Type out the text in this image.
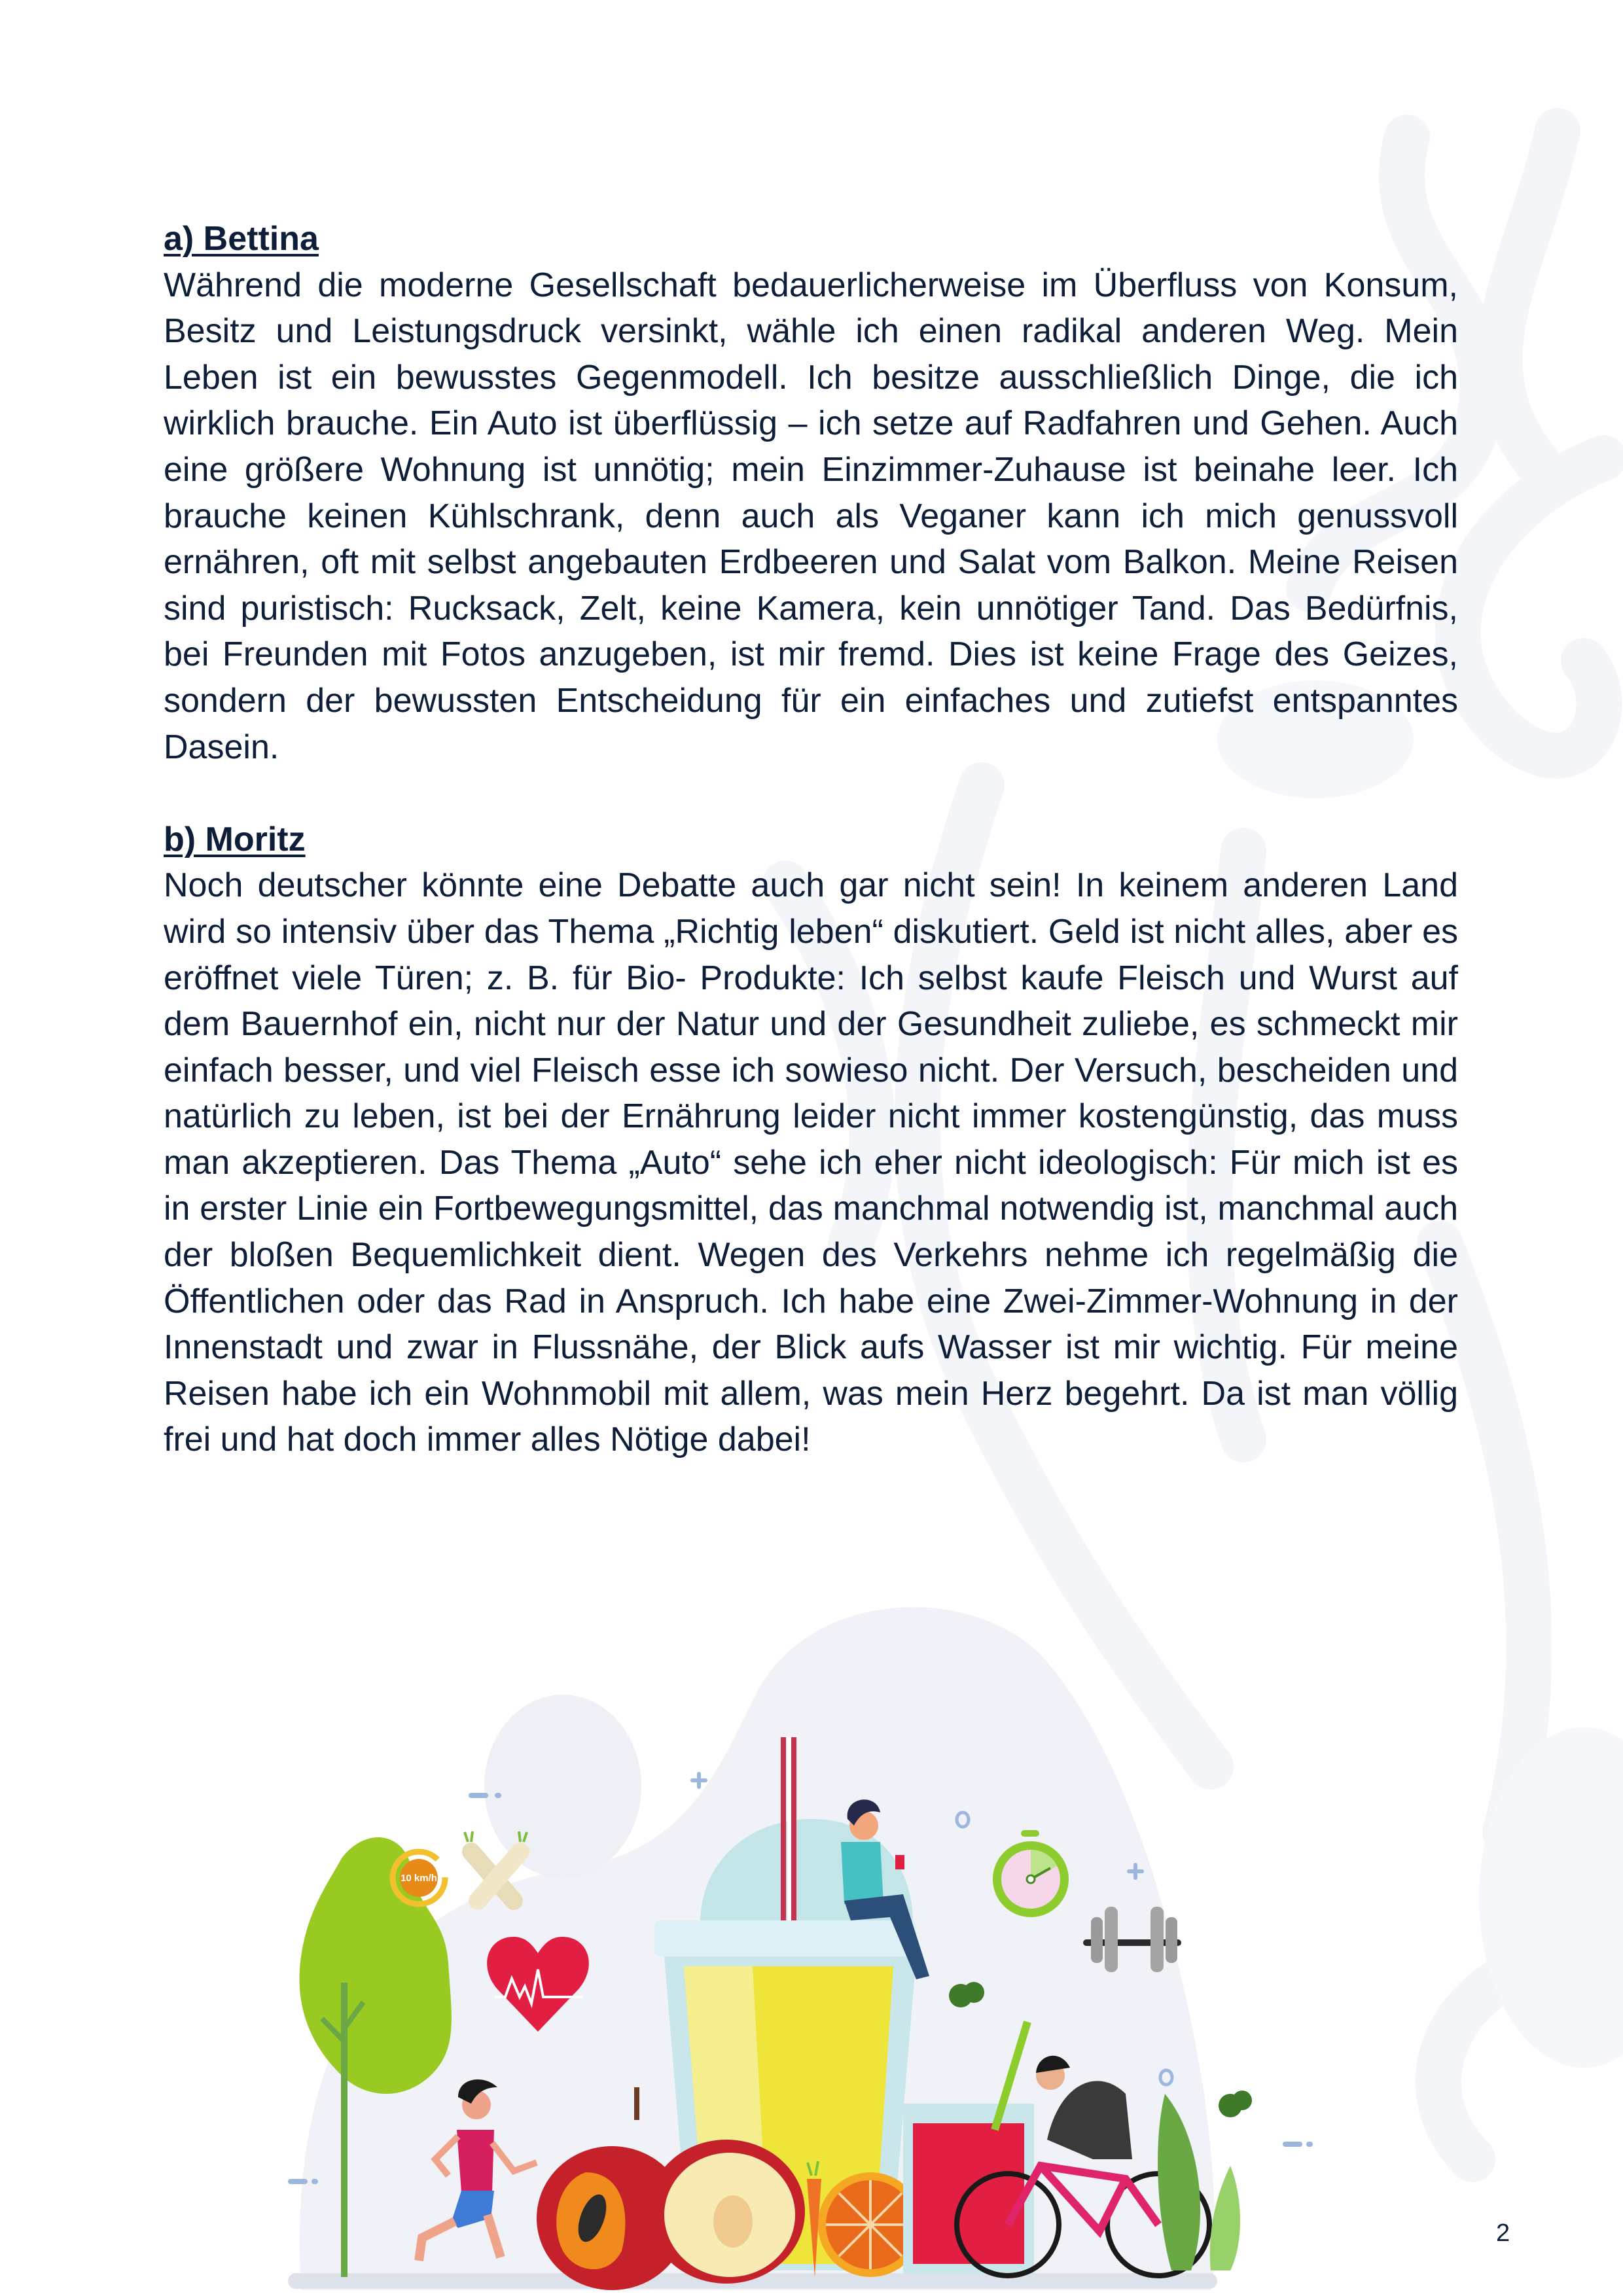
a) Bettina

Während die moderne Gesellschaft bedauerlicherweise im Überfluss von Konsum, Besitz und Leistungsdruck versinkt, wähle ich einen radikal anderen Weg. Mein Leben ist ein bewusstes Gegenmodell. Ich besitze ausschließlich Dinge, die ich wirklich brauche. Ein Auto ist überflüssig – ich setze auf Radfahren und Gehen. Auch eine größere Wohnung ist unnötig; mein Einzimmer-Zuhause ist beinahe leer. Ich brauche keinen Kühlschrank, denn auch als Veganer kann ich mich genussvoll ernähren, oft mit selbst angebauten Erdbeeren und Salat vom Balkon. Meine Reisen sind puristisch: Rucksack, Zelt, keine Kamera, kein unnötiger Tand. Das Bedürfnis, bei Freunden mit Fotos anzugeben, ist mir fremd. Dies ist keine Frage des Geizes, sondern der bewussten Entscheidung für ein einfaches und zutiefst entspanntes Dasein.

b) Moritz

Noch deutscher könnte eine Debatte auch gar nicht sein! In keinem anderen Land wird so intensiv über das Thema „Richtig leben“ diskutiert. Geld ist nicht alles, aber es eröffnet viele Türen; z. B. für Bio- Produkte: Ich selbst kaufe Fleisch und Wurst auf dem Bauernhof ein, nicht nur der Natur und der Gesundheit zuliebe, es schmeckt mir einfach besser, und viel Fleisch esse ich sowieso nicht. Der Versuch, bescheiden und natürlich zu leben, ist bei der Ernährung leider nicht immer kostengünstig, das muss man akzeptieren. Das Thema „Auto“ sehe ich eher nicht ideologisch: Für mich ist es in erster Linie ein Fortbewegungsmittel, das manchmal notwendig ist, manchmal auch der bloßen Bequemlichkeit dient. Wegen des Verkehrs nehme ich regelmäßig die Öffentlichen oder das Rad in Anspruch. Ich habe eine Zwei-Zimmer-Wohnung in der Innenstadt und zwar in Flussnähe, der Blick aufs Wasser ist mir wichtig. Für meine Reisen habe ich ein Wohnmobil mit allem, was mein Herz begehrt. Da ist man völlig frei und hat doch immer alles Nötige dabei!

10 km/h
2
